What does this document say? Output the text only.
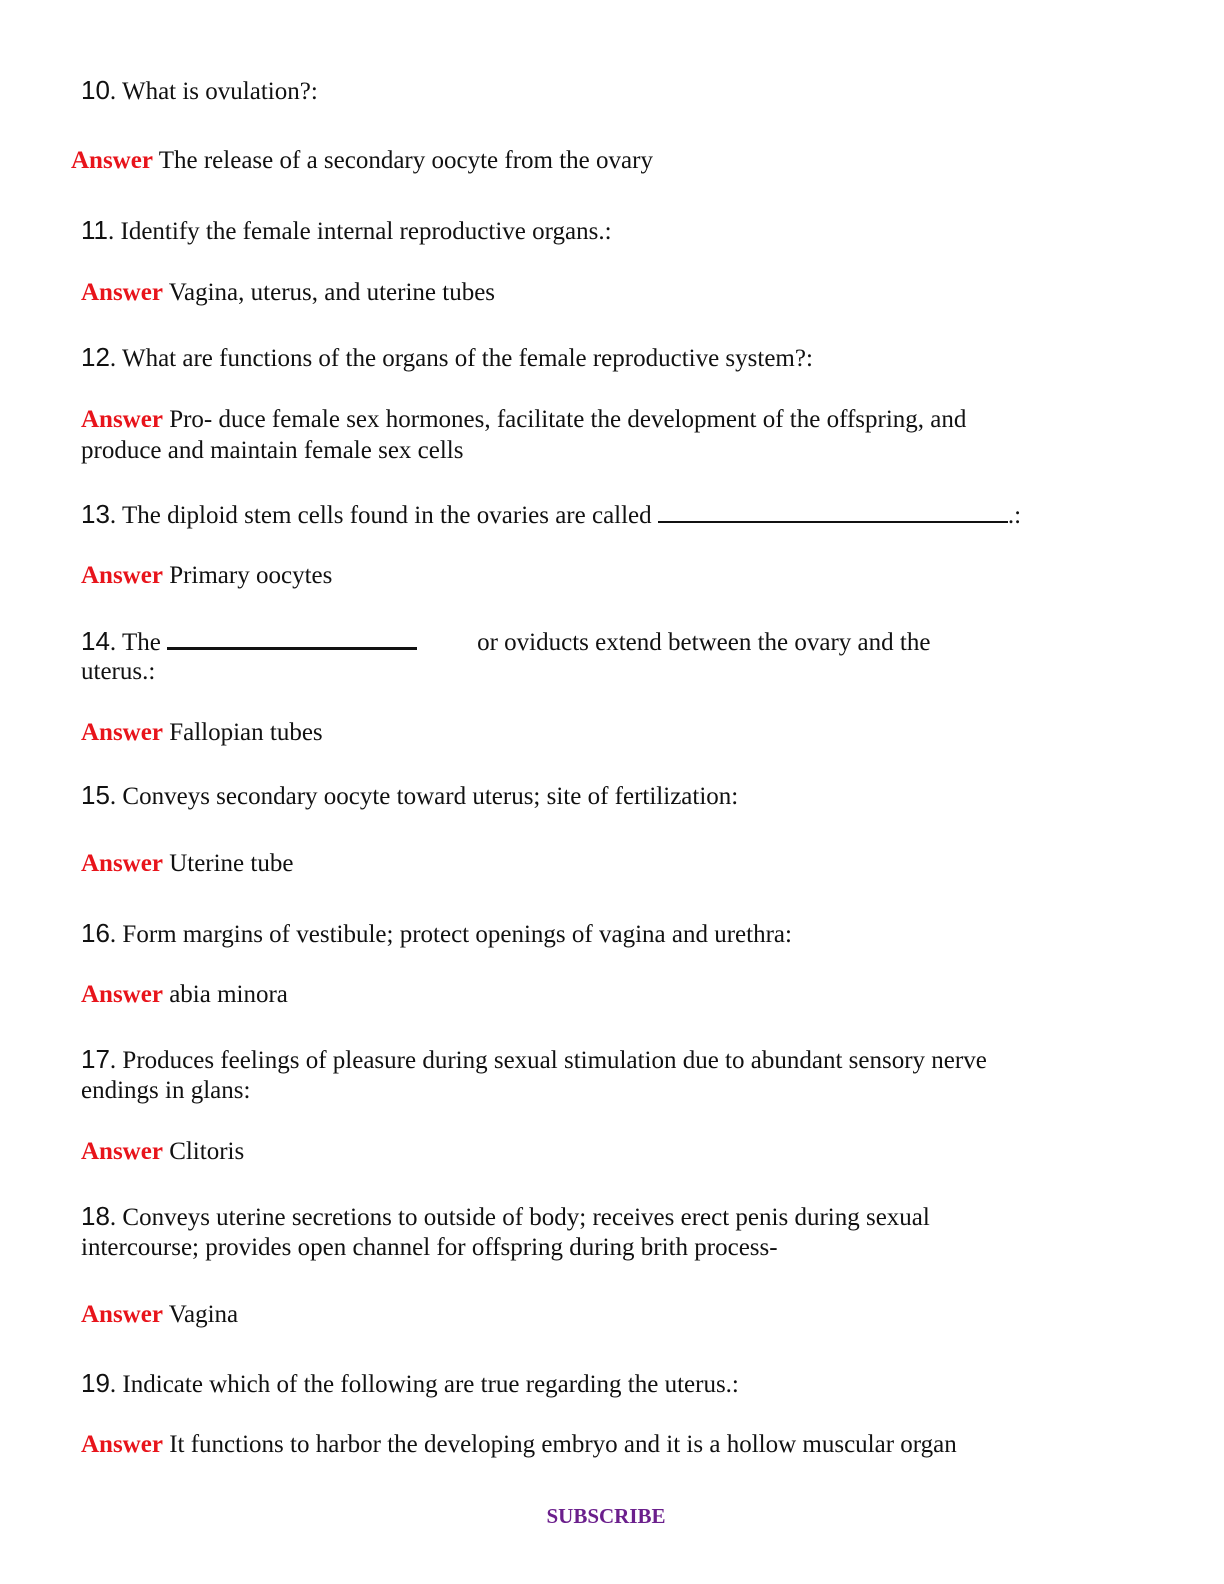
10. What is ovulation?:
Answer The release of a secondary oocyte from the ovary
11. Identify the female internal reproductive organs.:
Answer Vagina, uterus, and uterine tubes
12. What are functions of the organs of the female reproductive system?:
Answer Pro- duce female sex hormones, facilitate the development of the offspring, and
produce and maintain female sex cells
13. The diploid stem cells found in the ovaries are called	.:
Answer Primary oocytes
14. The	or oviducts extend between the ovary and the
uterus.:
Answer Fallopian tubes
15. Conveys secondary oocyte toward uterus; site of fertilization:
Answer Uterine tube
16. Form margins of vestibule; protect openings of vagina and urethra:
Answer abia minora
17. Produces feelings of pleasure during sexual stimulation due to abundant sensory nerve
endings in glans:
Answer Clitoris
18. Conveys uterine secretions to outside of body; receives erect penis during sexual
intercourse; provides open channel for offspring during brith process-
Answer Vagina
19. Indicate which of the following are true regarding the uterus.:
Answer It functions to harbor the developing embryo and it is a hollow muscular organ
SUBSCRIBE
